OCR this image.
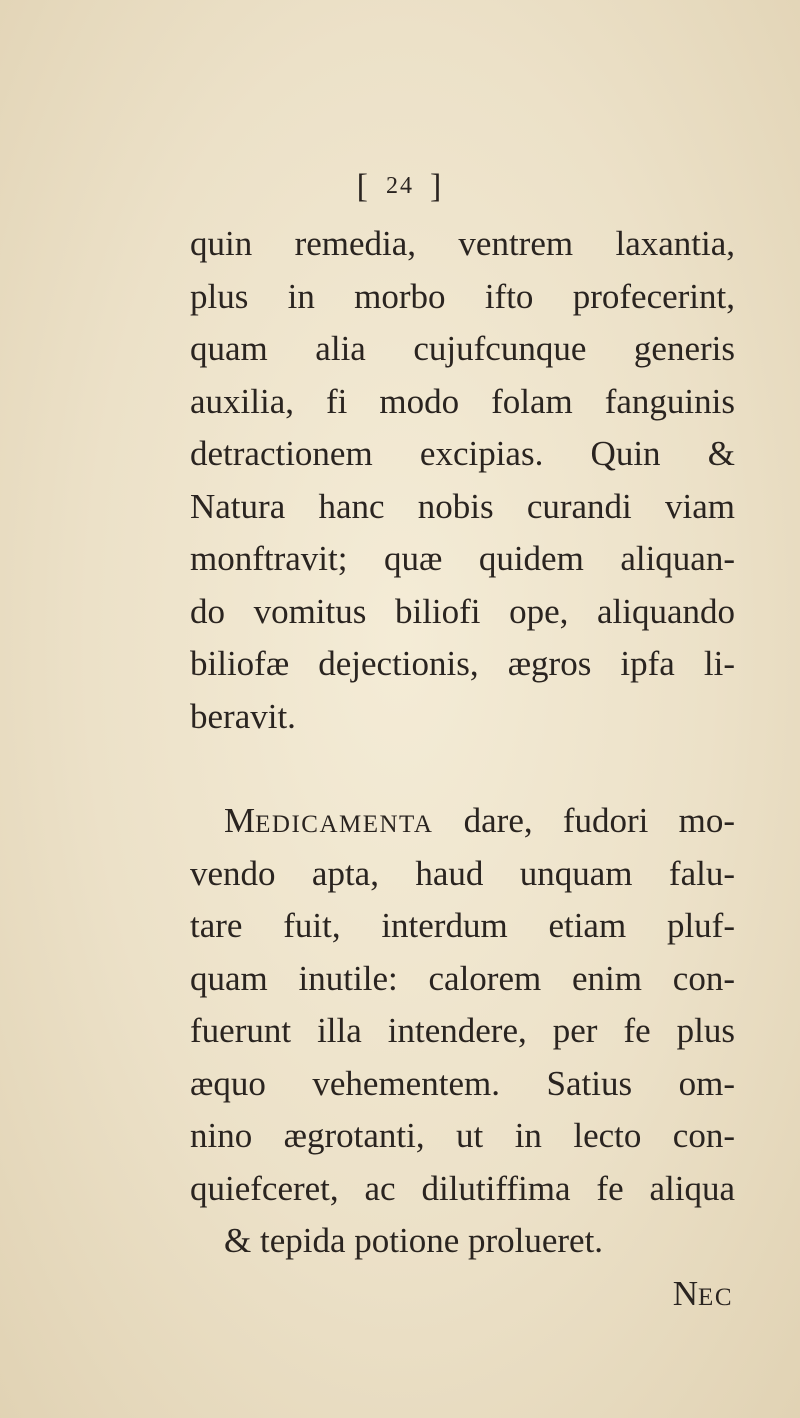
[ 24 ]
quin remedia, ventrem laxantia,
plus in morbo ifto profecerint,
quam alia cujufcunque generis
auxilia, fi modo folam fanguinis
detractionem excipias. Quin &
Natura hanc nobis curandi viam
monftravit; quæ quidem aliquan-
do vomitus biliofi ope, aliquando
biliofæ dejectionis, ægros ipfa li-
beravit.
Medicamenta dare, fudori mo-
vendo apta, haud unquam falu-
tare fuit, interdum etiam pluf-
quam inutile: calorem enim con-
fuerunt illa intendere, per fe plus
æquo vehementem. Satius om-
nino ægrotanti, ut in lecto con-
quiefceret, ac dilutiffima fe aliqua
& tepida potione prolueret.
Nec
